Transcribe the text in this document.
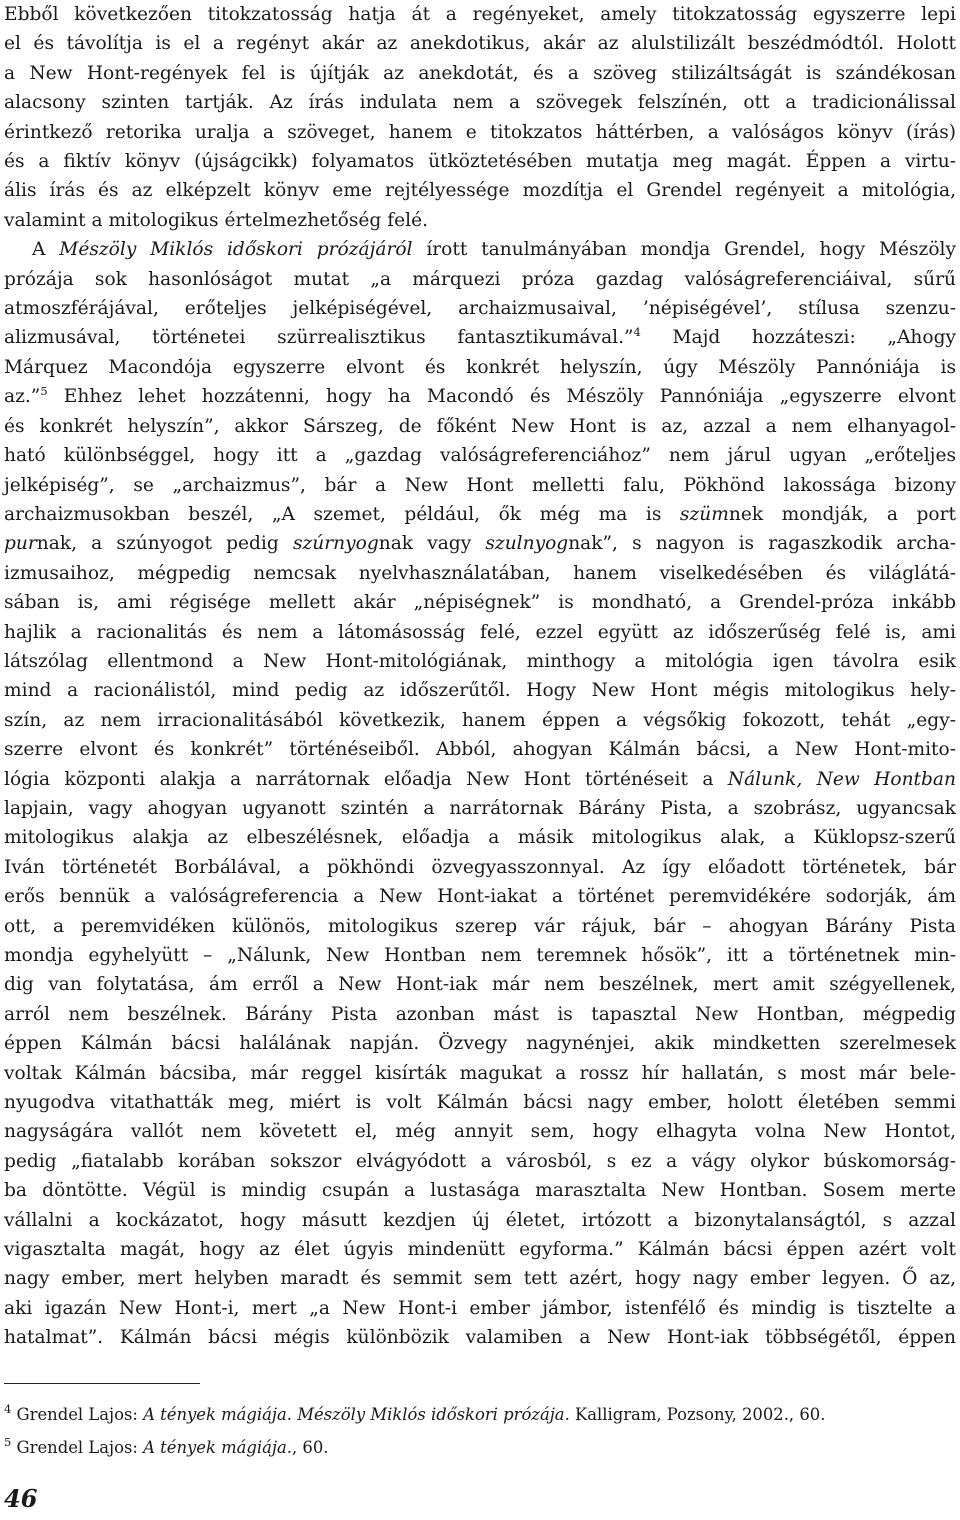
Ebből következően titokzatosság hatja át a regényeket, amely titokzatosság egyszerre lepi
el és távolítja is el a regényt akár az anekdotikus, akár az alulstilizált beszédmódtól. Holott
a New Hont-regények fel is újítják az anekdotát, és a szöveg stilizáltságát is szándékosan
alacsony szinten tartják. Az írás indulata nem a szövegek felszínén, ott a tradicionálissal
érintkező retorika uralja a szöveget, hanem e titokzatos háttérben, a valóságos könyv (írás)
és a fiktív könyv (újságcikk) folyamatos ütköztetésében mutatja meg magát. Éppen a virtu-
ális írás és az elképzelt könyv eme rejtélyessége mozdítja el Grendel regényeit a mitológia,
valamint a mitologikus értelmezhetőség felé.
A Mészöly Miklós időskori prózájáról írott tanulmányában mondja Grendel, hogy Mészöly
prózája sok hasonlóságot mutat „a márquezi próza gazdag valóságreferenciáival, sűrű
atmoszférájával, erőteljes jelképiségével, archaizmusaival, ’népiségével’, stílusa szenzu-
alizmusával, történetei szürrealisztikus fantasztikumával.”$^4$ Majd hozzáteszi: „Ahogy
Márquez Macondója egyszerre elvont és konkrét helyszín, úgy Mészöly Pannóniája is
az.”$^5$ Ehhez lehet hozzátenni, hogy ha Macondó és Mészöly Pannóniája „egyszerre elvont
és konkrét helyszín”, akkor Sárszeg, de főként New Hont is az, azzal a nem elhanyagol-
ható különbséggel, hogy itt a „gazdag valóságreferenciához” nem járul ugyan „erőteljes
jelképiség”, se „archaizmus”, bár a New Hont melletti falu, Pökhönd lakossága bizony
archaizmusokban beszél, „A szemet, például, ők még ma is szümnek mondják, a port
purnak, a szúnyogot pedig szúrnyognak vagy szulnyognak”, s nagyon is ragaszkodik archa-
izmusaihoz, mégpedig nemcsak nyelvhasználatában, hanem viselkedésében és világlátá-
sában is, ami régisége mellett akár „népiségnek” is mondható, a Grendel-próza inkább
hajlik a racionalitás és nem a látomásosság felé, ezzel együtt az időszerűség felé is, ami
látszólag ellentmond a New Hont-mitológiának, minthogy a mitológia igen távolra esik
mind a racionálistól, mind pedig az időszerűtől. Hogy New Hont mégis mitologikus hely-
szín, az nem irracionalitásából következik, hanem éppen a végsőkig fokozott, tehát „egy-
szerre elvont és konkrét” történéseiből. Abból, ahogyan Kálmán bácsi, a New Hont-mito-
lógia központi alakja a narrátornak előadja New Hont történéseit a Nálunk, New Hontban
lapjain, vagy ahogyan ugyanott szintén a narrátornak Bárány Pista, a szobrász, ugyancsak
mitologikus alakja az elbeszélésnek, előadja a másik mitologikus alak, a Küklopsz-szerű
Iván történetét Borbálával, a pökhöndi özvegyasszonnyal. Az így előadott történetek, bár
erős bennük a valóságreferencia a New Hont-iakat a történet peremvidékére sodorják, ám
ott, a peremvidéken különös, mitologikus szerep vár rájuk, bár – ahogyan Bárány Pista
mondja egyhelyütt – „Nálunk, New Hontban nem teremnek hősök”, itt a történetnek min-
dig van folytatása, ám erről a New Hont-iak már nem beszélnek, mert amit szégyellenek,
arról nem beszélnek. Bárány Pista azonban mást is tapasztal New Hontban, mégpedig
éppen Kálmán bácsi halálának napján. Özvegy nagynénjei, akik mindketten szerelmesek
voltak Kálmán bácsiba, már reggel kisírták magukat a rossz hír hallatán, s most már bele-
nyugodva vitathatták meg, miért is volt Kálmán bácsi nagy ember, holott életében semmi
nagyságára vallót nem követett el, még annyit sem, hogy elhagyta volna New Hontot,
pedig „fiatalabb korában sokszor elvágyódott a városból, s ez a vágy olykor búskomorság-
ba döntötte. Végül is mindig csupán a lustasága marasztalta New Hontban. Sosem merte
vállalni a kockázatot, hogy másutt kezdjen új életet, irtózott a bizonytalanságtól, s azzal
vigasztalta magát, hogy az élet úgyis mindenütt egyforma.” Kálmán bácsi éppen azért volt
nagy ember, mert helyben maradt és semmit sem tett azért, hogy nagy ember legyen. Ő az,
aki igazán New Hont-i, mert „a New Hont-i ember jámbor, istenfélő és mindig is tisztelte a
hatalmat”. Kálmán bácsi mégis különbözik valamiben a New Hont-iak többségétől, éppen
$^4$ Grendel Lajos: A tények mágiája. Mészöly Miklós időskori prózája. Kalligram, Pozsony, 2002., 60.
$^5$ Grendel Lajos: A tények mágiája., 60.
46
